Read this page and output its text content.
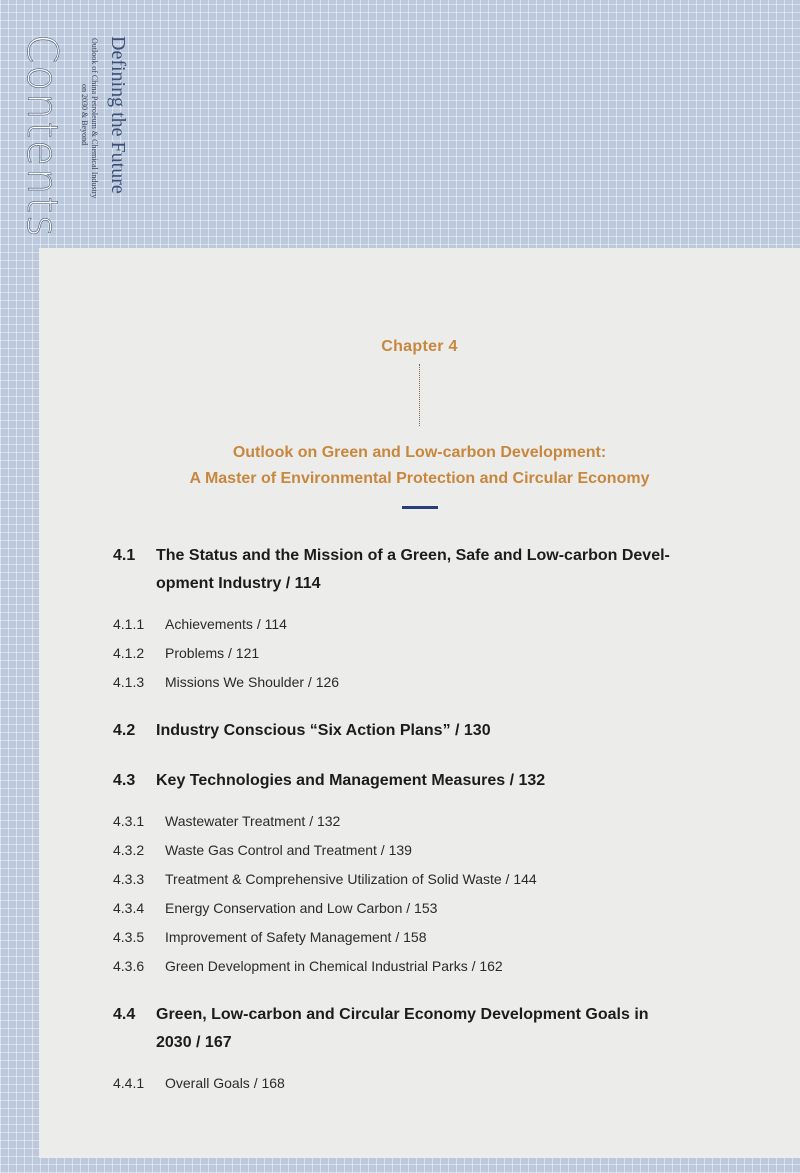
Contents Defining the Future
Outlook of China Petroleum & Chemical Industry
on 2030 & Beyond
Chapter 4
Outlook on Green and Low-carbon Development:
A Master of Environmental Protection and Circular Economy
4.1 The Status and the Mission of a Green, Safe and Low-carbon Devel-
opment Industry / 114
4.1.1 Achievements / 114
4.1.2 Problems / 121
4.1.3 Missions We Shoulder / 126
4.2 Industry Conscious “Six Action Plans” / 130
4.3 Key Technologies and Management Measures / 132
4.3.1 Wastewater Treatment / 132
4.3.2 Waste Gas Control and Treatment / 139
4.3.3 Treatment & Comprehensive Utilization of Solid Waste / 144
4.3.4 Energy Conservation and Low Carbon / 153
4.3.5 Improvement of Safety Management / 158
4.3.6 Green Development in Chemical Industrial Parks / 162
4.4 Green, Low-carbon and Circular Economy Development Goals in
2030 / 167
4.4.1 Overall Goals / 168
